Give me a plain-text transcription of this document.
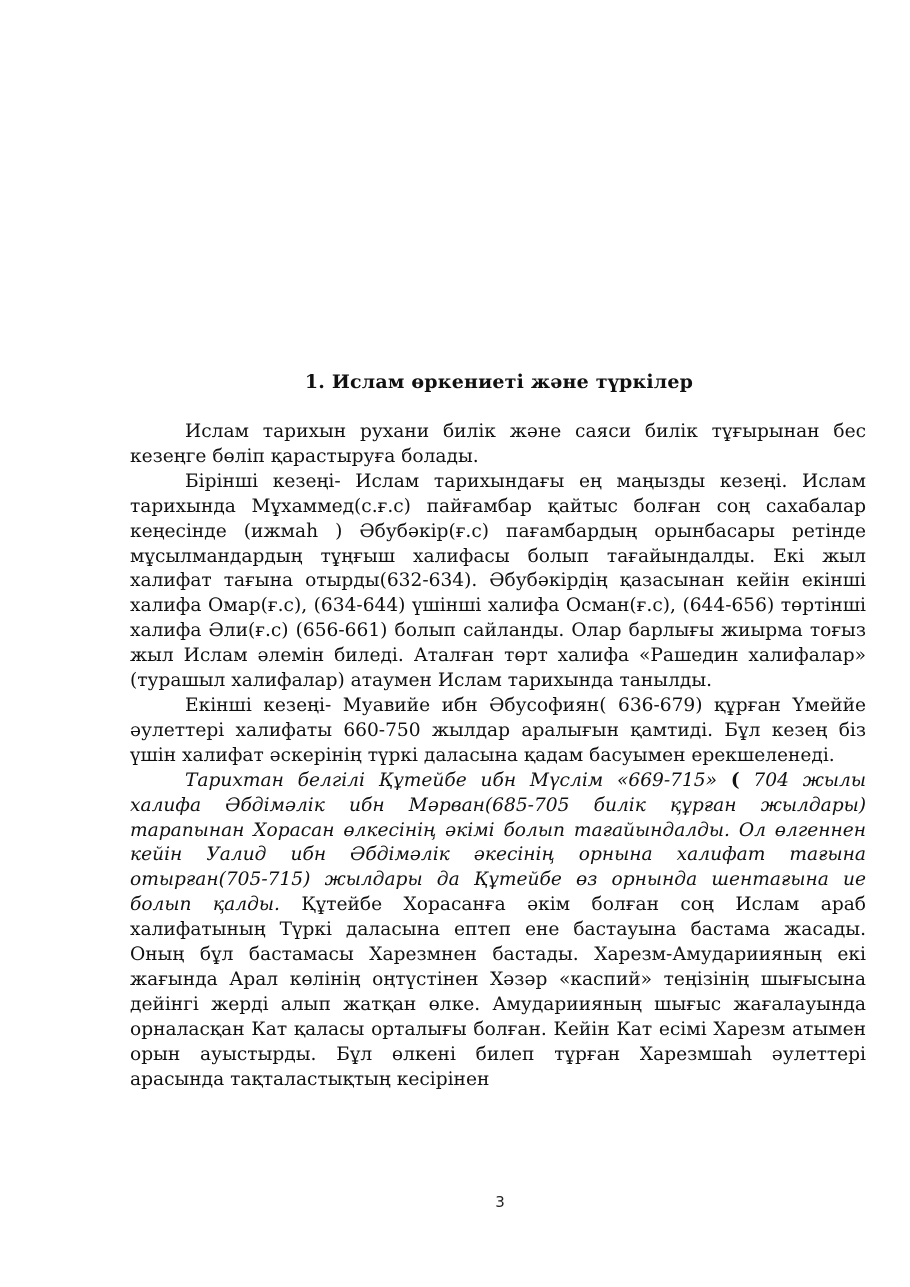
1. Ислам өркениеті және түркілер

Ислам тарихын рухани билік және саяси билік тұғырынан бес кезеңге бөліп қарастыруға болады.

Бірінші кезеңі- Ислам тарихындағы ең маңызды кезеңі. Ислам тарихында Мұхаммед(с.ғ.с) пайғамбар қайтыс болған соң сахабалар кеңесінде (ижмаһ ) Әбубәкір(ғ.с) пағамбардың орынбасары ретінде мұсылмандардың тұңғыш халифасы болып тағайындалды. Екі жыл халифат тағына отырды(632-634). Әбубәкірдің қазасынан кейін екінші халифа Омар(ғ.с), (634-644) үшінші халифа Осман(ғ.с), (644-656) төртінші халифа Әли(ғ.с) (656-661) болып сайланды. Олар барлығы жиырма тоғыз жыл Ислам әлемін биледі. Аталған төрт халифа «Рашедин халифалар» (турашыл халифалар) атаумен Ислам тарихында танылды.

Екінші кезеңі- Муавийе ибн Әбусофиян( 636-679) құрған Үмеййе әулеттері халифаты 660-750 жылдар аралығын қамтиді. Бұл кезең біз үшін халифат әскерінің түркі даласына қадам басуымен ерекшеленеді.

Тарихтан белгілі Құтейбе ибн Мүслім «669-715» ( 704 жылы халифа Әбдімәлік ибн Мәрван(685-705 билік құрған жылдары) тарапынан Хорасан өлкесінің әкімі болып тағайындалды. Ол өлгеннен кейін Уалид ибн Әбдімәлік әкесінің орнына халифат тағына отырған(705-715) жылдары да Құтейбе өз орнында шентағына ие болып қалды. Құтейбе Хорасанға әкім болған соң Ислам араб халифатының Түркі даласына ептеп ене бастауына бастама жасады. Оның бұл бастамасы Харезмнен бастады. Харезм-Амудариияның екі жағында Арал көлінің оңтүстінен Хәзәр «каспий» теңізінің шығысына дейінгі жерді алып жатқан өлке. Амудариияның шығыс жағалауында орналасқан Кат қаласы орталығы болған. Кейін Кат есімі Харезм атымен орын ауыстырды. Бұл өлкені билеп тұрған Харезмшаһ әулеттері арасында тақталастықтың кесірінен

3
